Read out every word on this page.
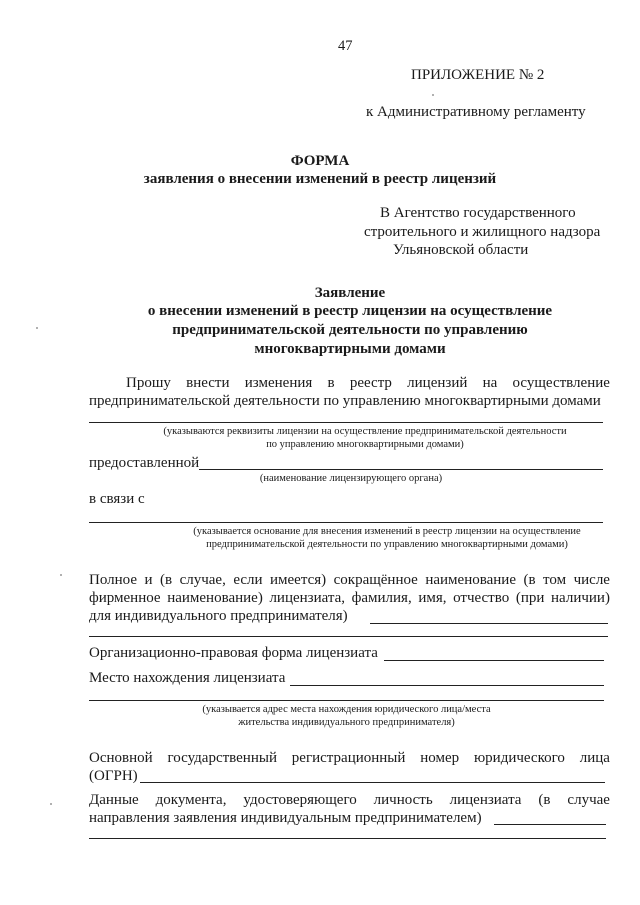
47
ПРИЛОЖЕНИЕ № 2
к Административному регламенту
ФОРМА
заявления о внесении изменений в реестр лицензий
В Агентство государственного
строительного и жилищного надзора
Ульяновской области
Заявление
о внесении изменений в реестр лицензии на осуществление
предпринимательской деятельности по управлению
многоквартирными домами
Прошу внести изменения в реестр лицензий на осуществление
предпринимательской деятельности по управлению многоквартирными домами
(указываются реквизиты лицензии на осуществление предпринимательской деятельности
по управлению многоквартирными домами)
предоставленной
(наименование лицензирующего органа)
в связи с
(указывается основание для внесения изменений в реестр лицензии на осуществление
предпринимательской деятельности по управлению многоквартирными домами)
Полное и (в случае, если имеется) сокращённое наименование (в том числе
фирменное наименование) лицензиата, фамилия, имя, отчество (при наличии)
для индивидуального предпринимателя)
Организационно-правовая форма лицензиата
Место нахождения лицензиата
(указывается адрес места нахождения юридического лица/места
жительства индивидуального предпринимателя)
Основной государственный регистрационный номер юридического лица
(ОГРН)
Данные документа, удостоверяющего личность лицензиата (в случае
направления заявления индивидуальным предпринимателем)
